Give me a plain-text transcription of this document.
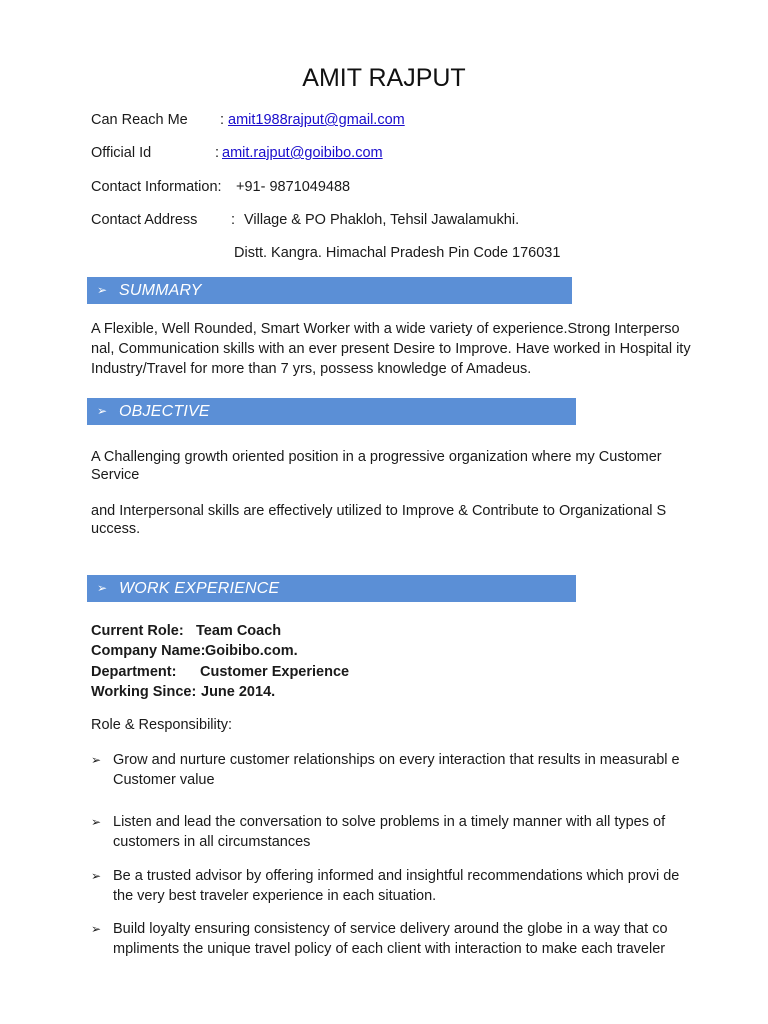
AMIT RAJPUT
Can Reach Me : amit1988rajput@gmail.com
Official Id	: amit.rajput@goibibo.com
Contact Information: +91- 9871049488
Contact Address : Village & PO Phakloh, Tehsil Jawalamukhi.
Distt. Kangra. Himachal Pradesh Pin Code 176031
➢ SUMMARY
A Flexible, Well Rounded, Smart Worker with a wide variety of experience.Strong Interperso nal, Communication skills with an ever present Desire to Improve. Have worked in Hospital ity Industry/Travel for more than 7 yrs, possess knowledge of Amadeus.
➢ OBJECTIVE
A Challenging growth oriented position in a progressive organization where my Customer Service
and Interpersonal skills are effectively utilized to Improve & Contribute to Organizational S uccess.
➢ WORK EXPERIENCE
Current Role: Team Coach
Company Name: Goibibo.com.
Department: Customer Experience
Working Since: June 2014.
Role & Responsibility:
➢ Grow and nurture customer relationships on every interaction that results in measurabl e Customer value
➢ Listen and lead the conversation to solve problems in a timely manner with all types of customers in all circumstances
➢ Be a trusted advisor by offering informed and insightful recommendations which provi de the very best traveler experience in each situation.
➢ Build loyalty ensuring consistency of service delivery around the globe in a way that co mpliments the unique travel policy of each client with interaction to make each traveler
